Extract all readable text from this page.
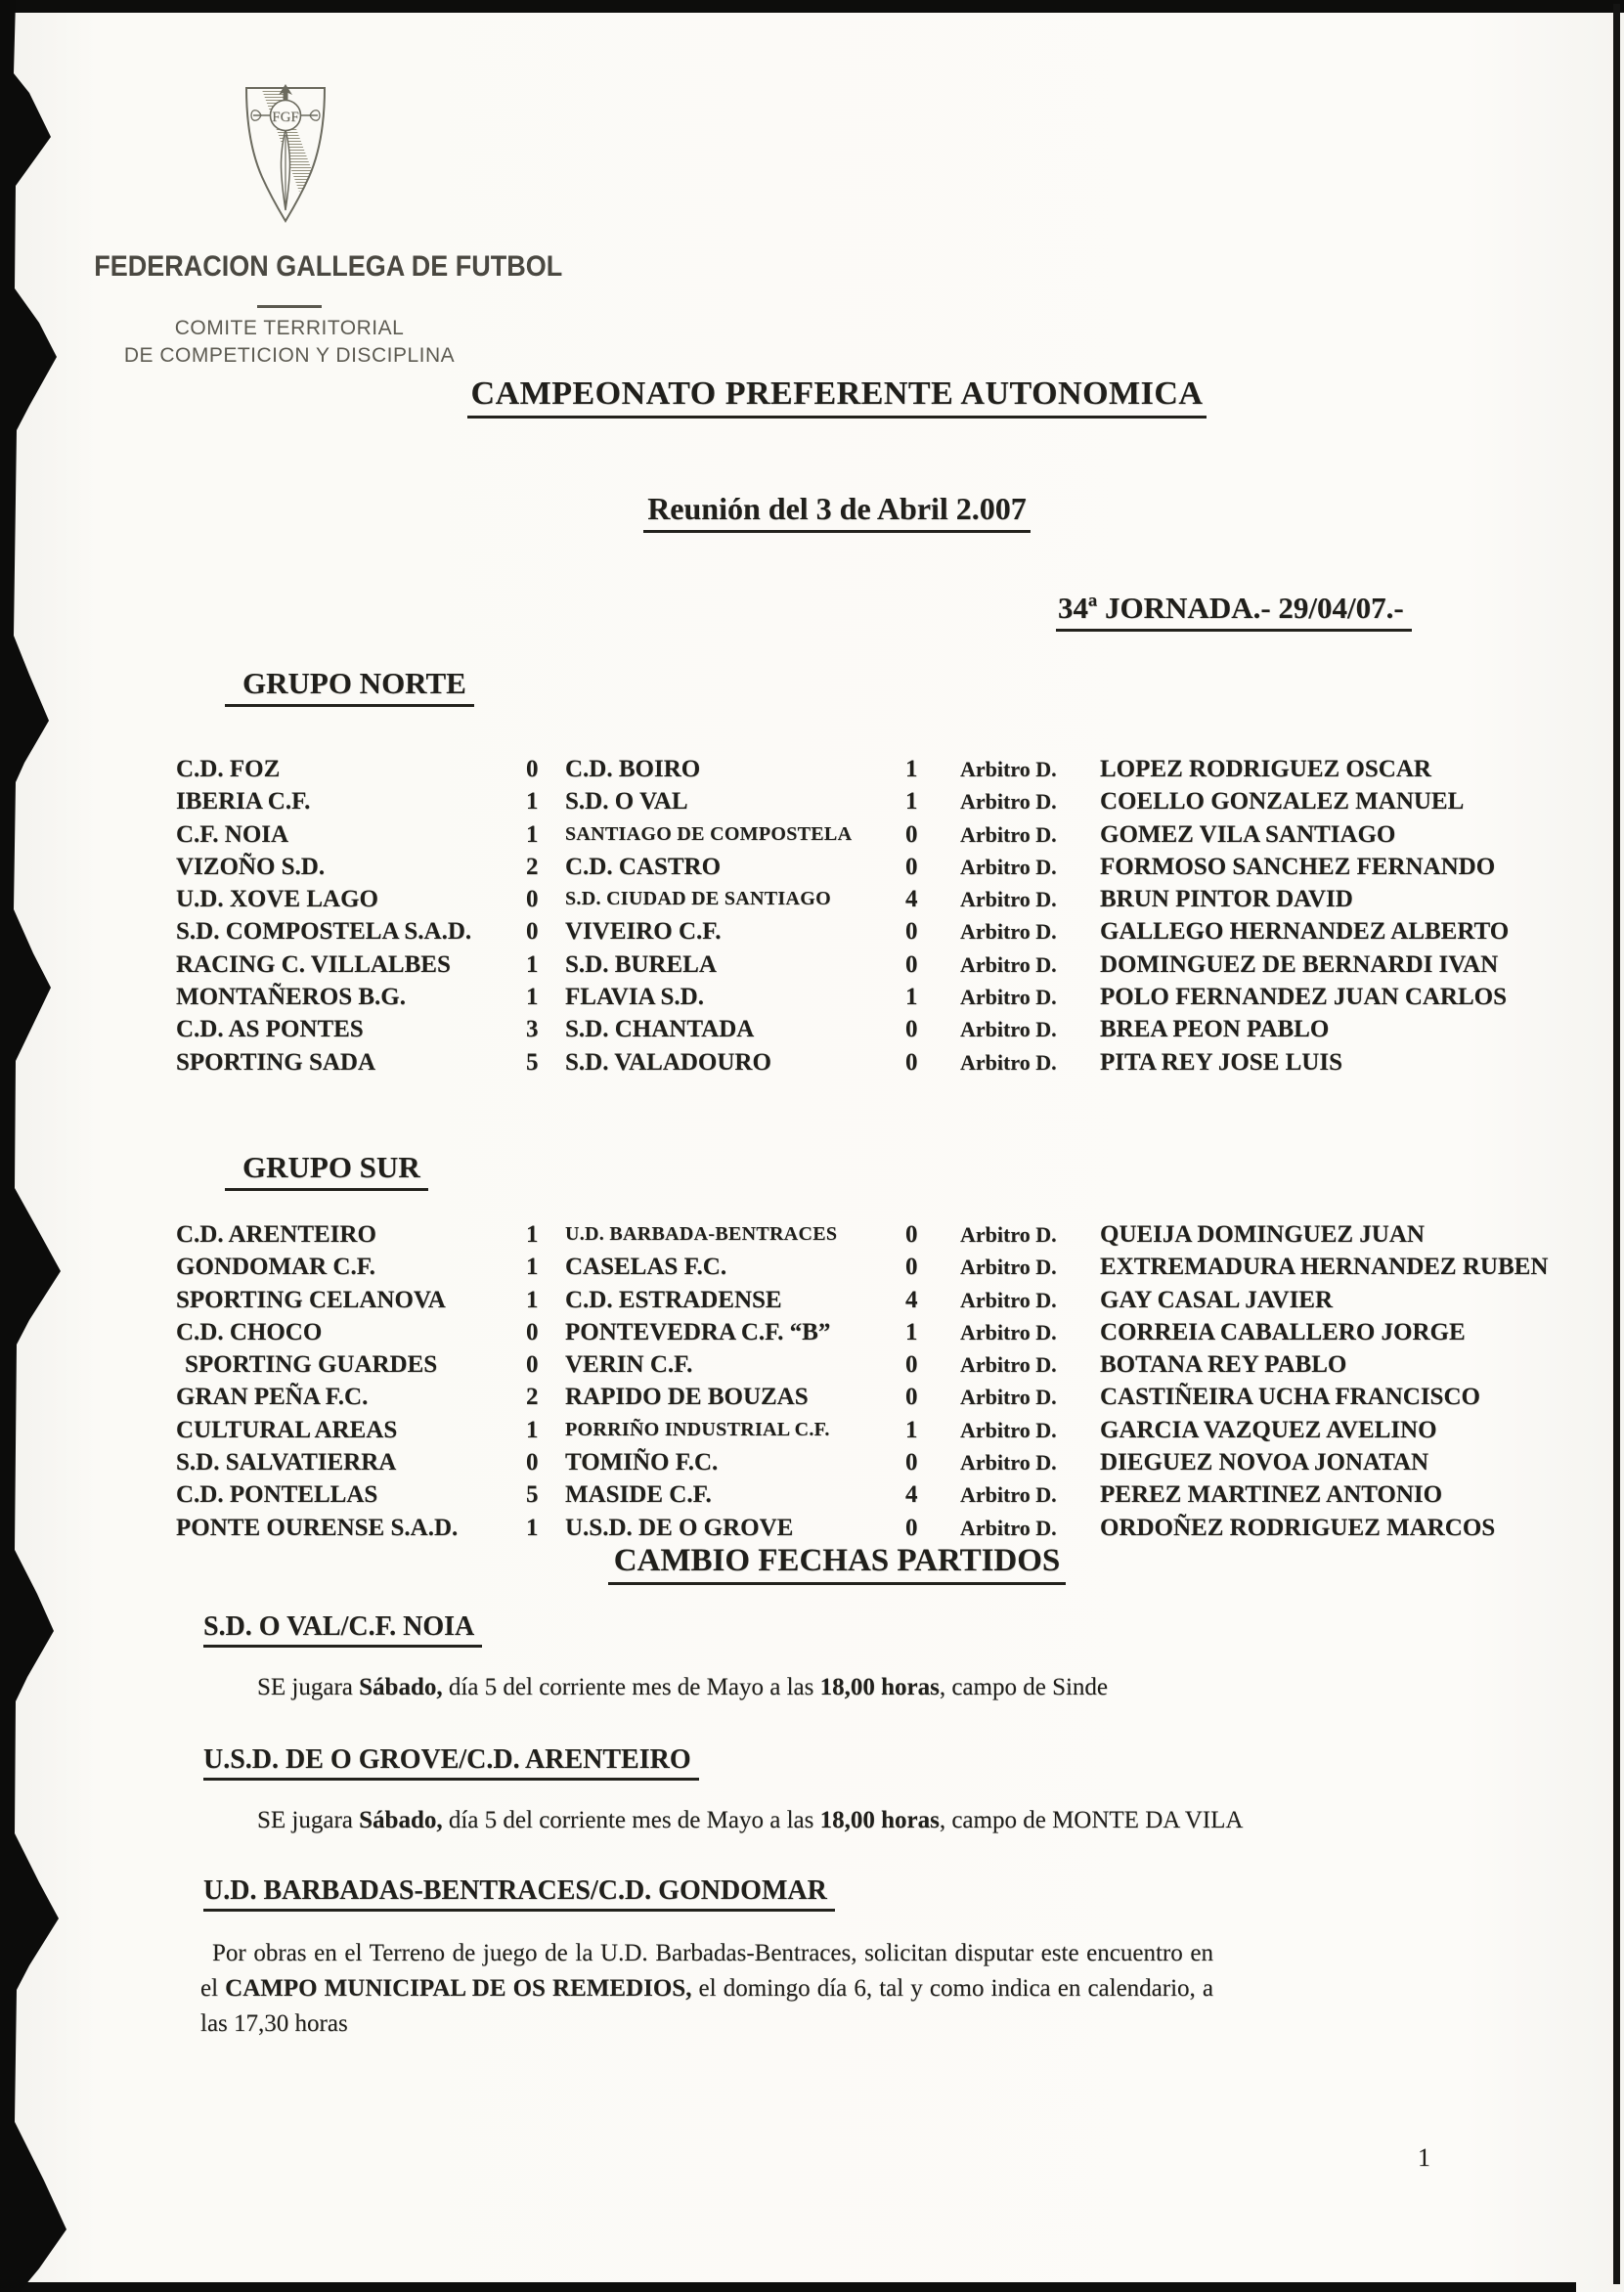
FGF
FEDERACION GALLEGA DE FUTBOL
COMITE TERRITORIAL
DE COMPETICION Y DISCIPLINA
CAMPEONATO PREFERENTE AUTONOMICA
Reunión del 3 de Abril 2.007
34ª JORNADA.- 29/04/07.-
GRUPO NORTE
C.D. FOZ	0 C.D. BOIRO	1 Arbitro D. LOPEZ RODRIGUEZ OSCAR
IBERIA C.F.	1 S.D. O VAL	1 Arbitro D. COELLO GONZALEZ MANUEL
C.F. NOIA	1 SANTIAGO DE COMPOSTELA 0 Arbitro D. GOMEZ VILA SANTIAGO
VIZOÑO S.D.	2 C.D. CASTRO	0 Arbitro D. FORMOSO SANCHEZ FERNANDO
U.D. XOVE LAGO	0 S.D. CIUDAD DE SANTIAGO	4 Arbitro D. BRUN PINTOR DAVID
S.D. COMPOSTELA S.A.D. 0 VIVEIRO C.F.	0 Arbitro D. GALLEGO HERNANDEZ ALBERTO
RACING C. VILLALBES	1 S.D. BURELA	0 Arbitro D. DOMINGUEZ DE BERNARDI IVAN
MONTAÑEROS B.G.	1 FLAVIA S.D.	1 Arbitro D. POLO FERNANDEZ JUAN CARLOS
C.D. AS PONTES	3 S.D. CHANTADA	0 Arbitro D. BREA PEON PABLO
SPORTING SADA	5 S.D. VALADOURO	0 Arbitro D. PITA REY JOSE LUIS
GRUPO SUR
C.D. ARENTEIRO	1 U.D. BARBADA-BENTRACES	0 Arbitro D. QUEIJA DOMINGUEZ JUAN
GONDOMAR C.F.	1 CASELAS F.C.	0 Arbitro D. EXTREMADURA HERNANDEZ RUBEN
SPORTING CELANOVA	1 C.D. ESTRADENSE	4 Arbitro D. GAY CASAL JAVIER
C.D. CHOCO	0 PONTEVEDRA C.F. “B”	1 Arbitro D. CORREIA CABALLERO JORGE
SPORTING GUARDES	0 VERIN C.F.	0 Arbitro D. BOTANA REY PABLO
GRAN PEÑA F.C.	2 RAPIDO DE BOUZAS	0 Arbitro D. CASTIÑEIRA UCHA FRANCISCO
CULTURAL AREAS	1 PORRIÑO INDUSTRIAL C.F.	1 Arbitro D. GARCIA VAZQUEZ AVELINO
S.D. SALVATIERRA	0 TOMIÑO F.C.	0 Arbitro D. DIEGUEZ NOVOA JONATAN
C.D. PONTELLAS	5 MASIDE C.F.	4 Arbitro D. PEREZ MARTINEZ ANTONIO
PONTE OURENSE S.A.D.	1 U.S.D. DE O GROVE	0 Arbitro D. ORDOÑEZ RODRIGUEZ MARCOS
CAMBIO FECHAS PARTIDOS
S.D. O VAL/C.F. NOIA
SE jugara Sábado, día 5 del corriente mes de Mayo a las 18,00 horas, campo de Sinde
U.S.D. DE O GROVE/C.D. ARENTEIRO
SE jugara Sábado, día 5 del corriente mes de Mayo a las 18,00 horas, campo de MONTE DA VILA
U.D. BARBADAS-BENTRACES/C.D. GONDOMAR
Por obras en el Terreno de juego de la U.D. Barbadas-Bentraces, solicitan disputar este encuentro en el CAMPO MUNICIPAL DE OS REMEDIOS, el domingo día 6, tal y como indica en calendario, a las 17,30 horas
1
